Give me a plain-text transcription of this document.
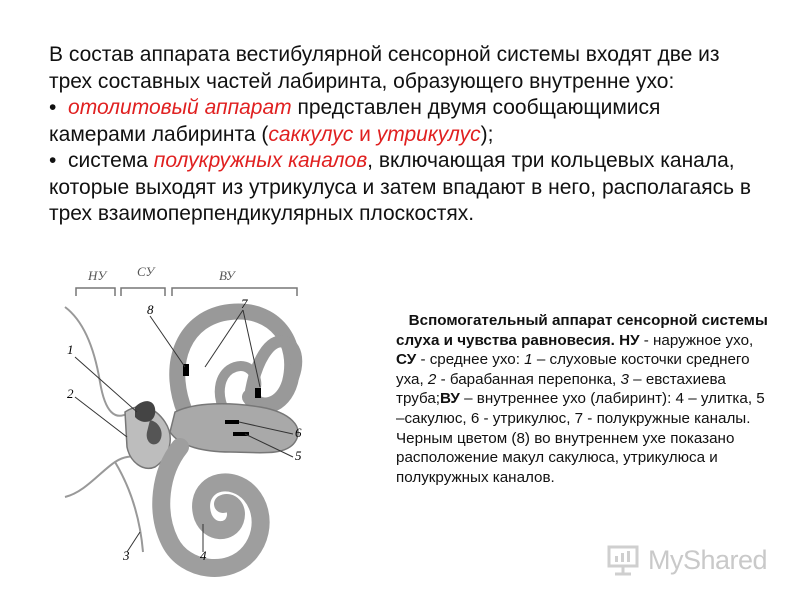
В состав аппарата вестибулярной сенсорной системы входят две из трех составных частей лабиринта, образующего внутренне ухо:

• отолитовый аппарат представлен двумя сообщающимися камерами лабиринта (саккулус и утрикулус);

• система полукружных каналов, включающая три кольцевых канала, которые выходят из утрикулуса и затем впадают в него, располагаясь в трех взаимоперпендикулярных плоскостях.

НУ СУ	ВУ
1
2
3	4
5
6
7
8

Вспомогательный аппарат сенсорной системы слуха и чувства равновесия. НУ - наружное ухо, СУ - среднее ухо: 1 – слуховые косточки среднего уха, 2 - барабанная перепонка, 3 – евстахиева труба;ВУ – внутреннее ухо (лабиринт): 4 – улитка, 5 –сакулюс, 6 - утрикулюс, 7 - полукружные каналы. Черным цветом (8) во внутреннем ухе показано расположение макул сакулюса, утрикулюса и полукружных каналов.

MyShared
